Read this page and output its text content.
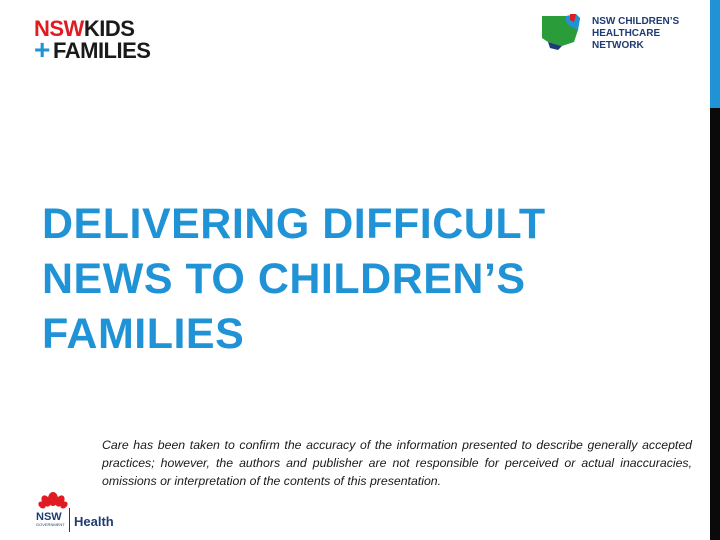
NSWKIDS
+ FAMILIES
NSW CHILDREN’S
HEALTHCARE
NETWORK
DELIVERING DIFFICULT
NEWS TO CHILDREN’S
FAMILIES

Care has been taken to confirm the accuracy of the information presented to describe generally accepted practices; however, the authors and publisher are not responsible for perceived or actual inaccuracies, omissions or interpretation of the contents of this presentation.

NSW
GOVERNMENT Health
